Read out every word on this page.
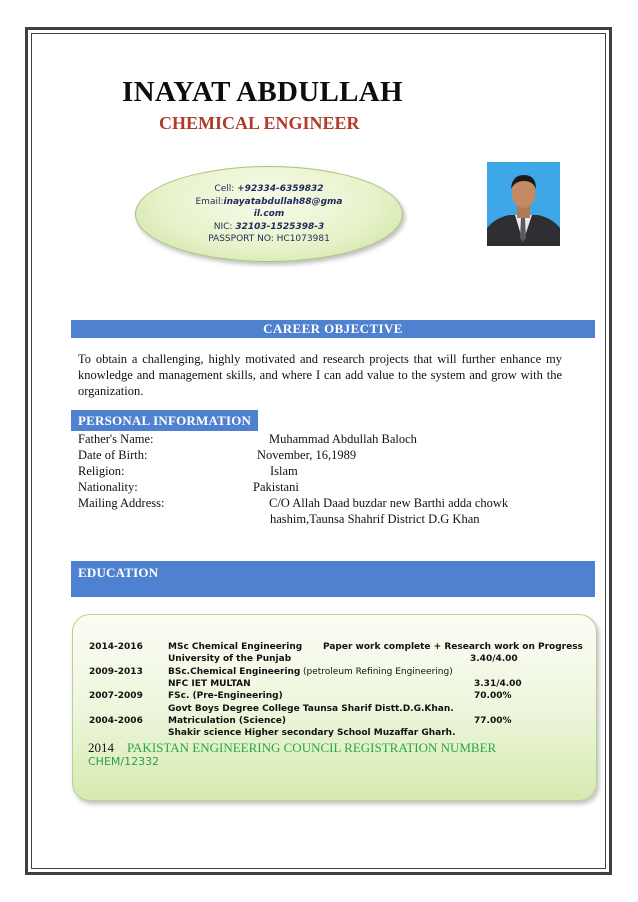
INAYAT ABDULLAH
CHEMICAL ENGINEER
Cell: +92334-6359832
Email:inayatabdullah88@gmail.com
NIC: 32103-1525398-3
PASSPORT NO: HC1073981
CAREER OBJECTIVE
To obtain a challenging, highly motivated and research projects that will further enhance my knowledge and management skills, and where I can add value to the system and grow with the organization.
PERSONAL INFORMATION
Father's Name:	Muhammad Abdullah Baloch
Date of Birth:	November, 16,1989
Religion:	Islam
Nationality:	Pakistani
Mailing Address:	C/O Allah Daad buzdar new Barthi adda chowk
hashim,Taunsa Shahrif District D.G Khan
EDUCATION
2014-2016	MSc Chemical Engineering Paper work complete + Research work on Progress
University of the Punjab	3.40/4.00
2009-2013	BSc.Chemical Engineering (petroleum Refining Engineering)
NFC IET MULTAN	3.31/4.00
2007-2009	FSc. (Pre-Engineering)	70.00%
Govt Boys Degree College Taunsa Sharif Distt.D.G.Khan.
2004-2006	Matriculation (Science)	77.00%
Shakir science Higher secondary School Muzaffar Gharh.
2014 PAKISTAN ENGINEERING COUNCIL REGISTRATION NUMBER
CHEM/12332
